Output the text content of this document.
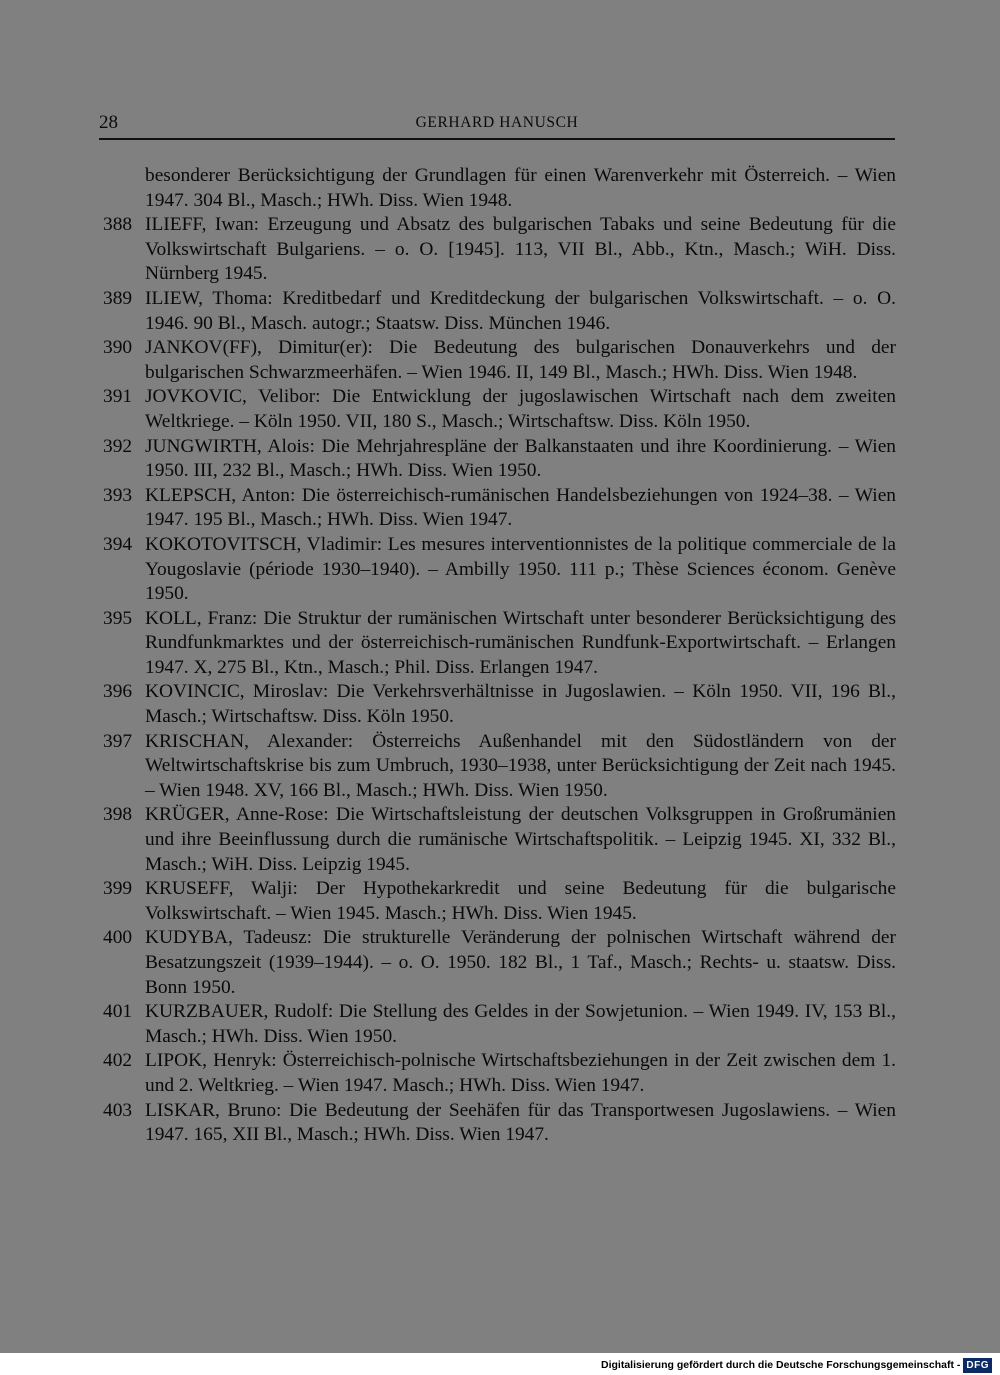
28	GERHARD HANUSCH
besonderer Berücksichtigung der Grundlagen für einen Warenverkehr mit Österreich. – Wien 1947. 304 Bl., Masch.; HWh. Diss. Wien 1948.
388 ILIEFF, Iwan: Erzeugung und Absatz des bulgarischen Tabaks und seine Bedeutung für die Volkswirtschaft Bulgariens. – o. O. [1945]. 113, VII Bl., Abb., Ktn., Masch.; WiH. Diss. Nürnberg 1945.
389 ILIEW, Thoma: Kreditbedarf und Kreditdeckung der bulgarischen Volkswirtschaft. – o. O. 1946. 90 Bl., Masch. autogr.; Staatsw. Diss. München 1946.
390 JANKOV(FF), Dimitur(er): Die Bedeutung des bulgarischen Donauverkehrs und der bulgarischen Schwarzmeerhäfen. – Wien 1946. II, 149 Bl., Masch.; HWh. Diss. Wien 1948.
391 JOVKOVIC, Velibor: Die Entwicklung der jugoslawischen Wirtschaft nach dem zweiten Weltkriege. – Köln 1950. VII, 180 S., Masch.; Wirtschaftsw. Diss. Köln 1950.
392 JUNGWIRTH, Alois: Die Mehrjahrespläne der Balkanstaaten und ihre Koordinierung. – Wien 1950. III, 232 Bl., Masch.; HWh. Diss. Wien 1950.
393 KLEPSCH, Anton: Die österreichisch-rumänischen Handelsbeziehungen von 1924–38. – Wien 1947. 195 Bl., Masch.; HWh. Diss. Wien 1947.
394 KOKOTOVITSCH, Vladimir: Les mesures interventionnistes de la politique commerciale de la Yougoslavie (période 1930–1940). – Ambilly 1950. 111 p.; Thèse Sciences économ. Genève 1950.
395 KOLL, Franz: Die Struktur der rumänischen Wirtschaft unter besonderer Berücksichtigung des Rundfunkmarktes und der österreichisch-rumänischen Rundfunk-Exportwirtschaft. – Erlangen 1947. X, 275 Bl., Ktn., Masch.; Phil. Diss. Erlangen 1947.
396 KOVINCIC, Miroslav: Die Verkehrsverhältnisse in Jugoslawien. – Köln 1950. VII, 196 Bl., Masch.; Wirtschaftsw. Diss. Köln 1950.
397 KRISCHAN, Alexander: Österreichs Außenhandel mit den Südostländern von der Weltwirtschaftskrise bis zum Umbruch, 1930–1938, unter Berücksichtigung der Zeit nach 1945. – Wien 1948. XV, 166 Bl., Masch.; HWh. Diss. Wien 1950.
398 KRÜGER, Anne-Rose: Die Wirtschaftsleistung der deutschen Volksgruppen in Großrumänien und ihre Beeinflussung durch die rumänische Wirtschaftspolitik. – Leipzig 1945. XI, 332 Bl., Masch.; WiH. Diss. Leipzig 1945.
399 KRUSEFF, Walji: Der Hypothekarkredit und seine Bedeutung für die bulgarische Volkswirtschaft. – Wien 1945. Masch.; HWh. Diss. Wien 1945.
400 KUDYBA, Tadeusz: Die strukturelle Veränderung der polnischen Wirtschaft während der Besatzungszeit (1939–1944). – o. O. 1950. 182 Bl., 1 Taf., Masch.; Rechts- u. staatsw. Diss. Bonn 1950.
401 KURZBAUER, Rudolf: Die Stellung des Geldes in der Sowjetunion. – Wien 1949. IV, 153 Bl., Masch.; HWh. Diss. Wien 1950.
402 LIPOK, Henryk: Österreichisch-polnische Wirtschaftsbeziehungen in der Zeit zwischen dem 1. und 2. Weltkrieg. – Wien 1947. Masch.; HWh. Diss. Wien 1947.
403 LISKAR, Bruno: Die Bedeutung der Seehäfen für das Transportwesen Jugoslawiens. – Wien 1947. 165, XII Bl., Masch.; HWh. Diss. Wien 1947.
Digitalisierung gefördert durch die Deutsche Forschungsgemeinschaft - DFG
